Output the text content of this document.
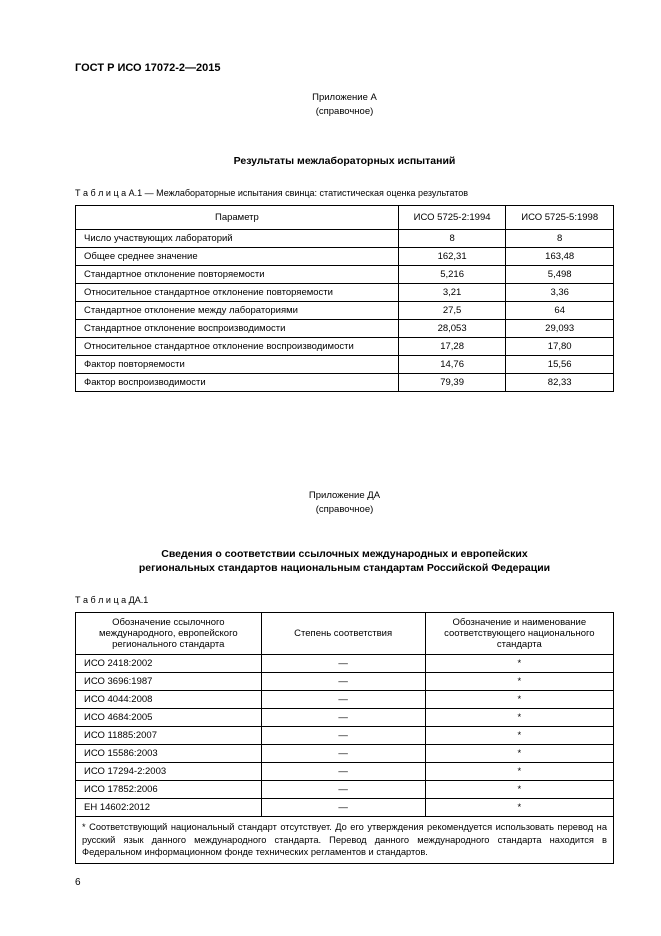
ГОСТ Р ИСО 17072-2—2015
Приложение А
(справочное)
Результаты межлабораторных испытаний
Т а б л и ц а А.1 — Межлабораторные испытания свинца: статистическая оценка результатов
Параметр	ИСО 5725-2:1994	ИСО 5725-5:1998
Число участвующих лабораторий	8	8
Общее среднее значение	162,31	163,48
Стандартное отклонение повторяемости	5,216	5,498
Относительное стандартное отклонение повторяемости	3,21	3,36
Стандартное отклонение между лабораториями	27,5	64
Стандартное отклонение воспроизводимости	28,053	29,093
Относительное стандартное отклонение воспроизводимости	17,28	17,80
Фактор повторяемости	14,76	15,56
Фактор воспроизводимости	79,39	82,33
Приложение ДА
(справочное)
Сведения о соответствии ссылочных международных и европейских
региональных стандартов национальным стандартам Российской Федерации
Т а б л и ц а ДА.1
Обозначение ссылочного международного, европейского регионального стандарта	Степень соответствия	Обозначение и наименование соответствующего национального стандарта
ИСО 2418:2002	—	*
ИСО 3696:1987	—	*
ИСО 4044:2008	—	*
ИСО 4684:2005	—	*
ИСО 11885:2007	—	*
ИСО 15586:2003	—	*
ИСО 17294-2:2003	—	*
ИСО 17852:2006	—	*
ЕН 14602:2012	—	*
* Соответствующий национальный стандарт отсутствует. До его утверждения рекомендуется использовать перевод на русский язык данного международного стандарта. Перевод данного международного стандарта находится в Федеральном информационном фонде технических регламентов и стандартов.		
6
